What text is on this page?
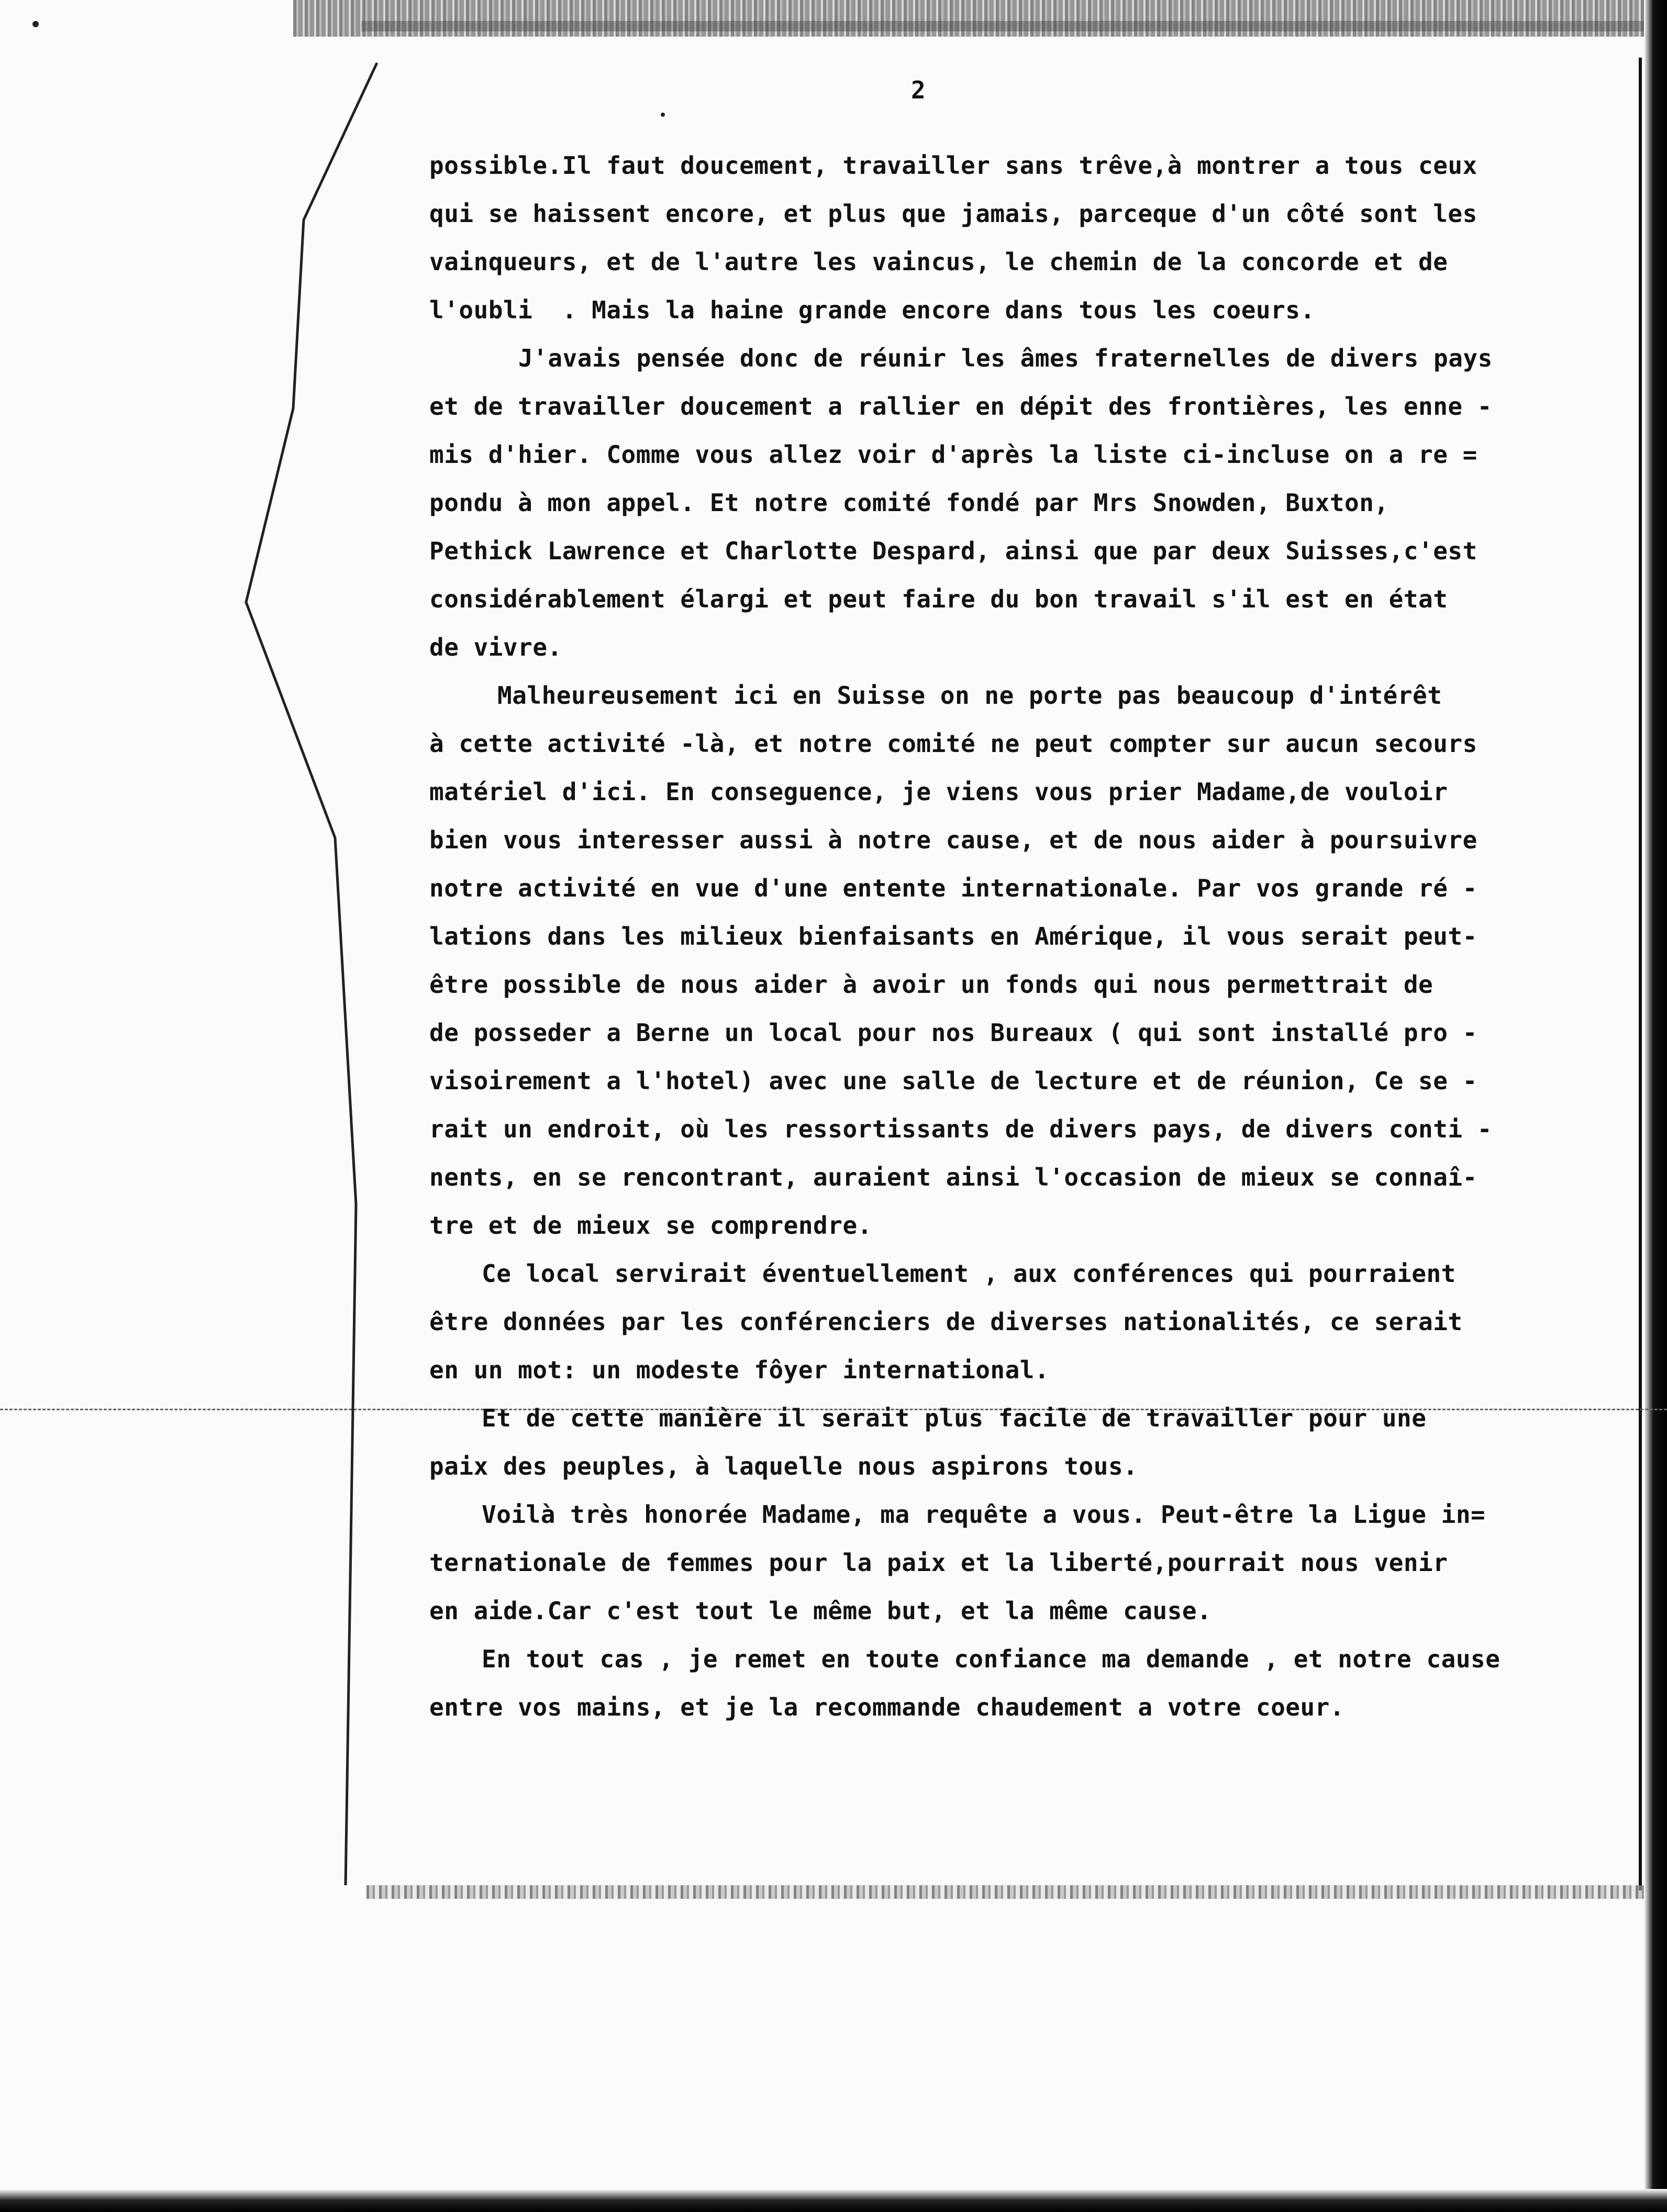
2
possible.Il faut doucement, travailler sans trêve,à montrer a tous ceux
qui se haissent encore, et plus que jamais, parceque d'un côté sont les
vainqueurs, et de l'autre les vaincus, le chemin de la concorde et de
l'oubli  . Mais la haine grande encore dans tous les coeurs.
J'avais pensée donc de réunir les âmes fraternelles de divers pays
et de travailler doucement a rallier en dépit des frontières, les enne -
mis d'hier. Comme vous allez voir d'après la liste ci-incluse on a re =
pondu à mon appel. Et notre comité fondé par Mrs Snowden, Buxton,
Pethick Lawrence et Charlotte Despard, ainsi que par deux Suisses,c'est
considérablement élargi et peut faire du bon travail s'il est en état
de vivre.
Malheureusement ici en Suisse on ne porte pas beaucoup d'intérêt
à cette activité -là, et notre comité ne peut compter sur aucun secours
matériel d'ici. En conseguence, je viens vous prier Madame,de vouloir
bien vous interesser aussi à notre cause, et de nous aider à poursuivre
notre activité en vue d'une entente internationale. Par vos grande ré -
lations dans les milieux bienfaisants en Amérique, il vous serait peut-
être possible de nous aider à avoir un fonds qui nous permettrait de
de posseder a Berne un local pour nos Bureaux ( qui sont installé pro -
visoirement a l'hotel) avec une salle de lecture et de réunion, Ce se -
rait un endroit, où les ressortissants de divers pays, de divers conti -
nents, en se rencontrant, auraient ainsi l'occasion de mieux se connaî-
tre et de mieux se comprendre.
Ce local servirait éventuellement , aux conférences qui pourraient
être données par les conférenciers de diverses nationalités, ce serait
en un mot: un modeste fôyer international.
Et de cette manière il serait plus facile de travailler pour une
paix des peuples, à laquelle nous aspirons tous.
Voilà très honorée Madame, ma requête a vous. Peut-être la Ligue in=
ternationale de femmes pour la paix et la liberté,pourrait nous venir
en aide.Car c'est tout le même but, et la même cause.
En tout cas , je remet en toute confiance ma demande , et notre cause
entre vos mains, et je la recommande chaudement a votre coeur.
